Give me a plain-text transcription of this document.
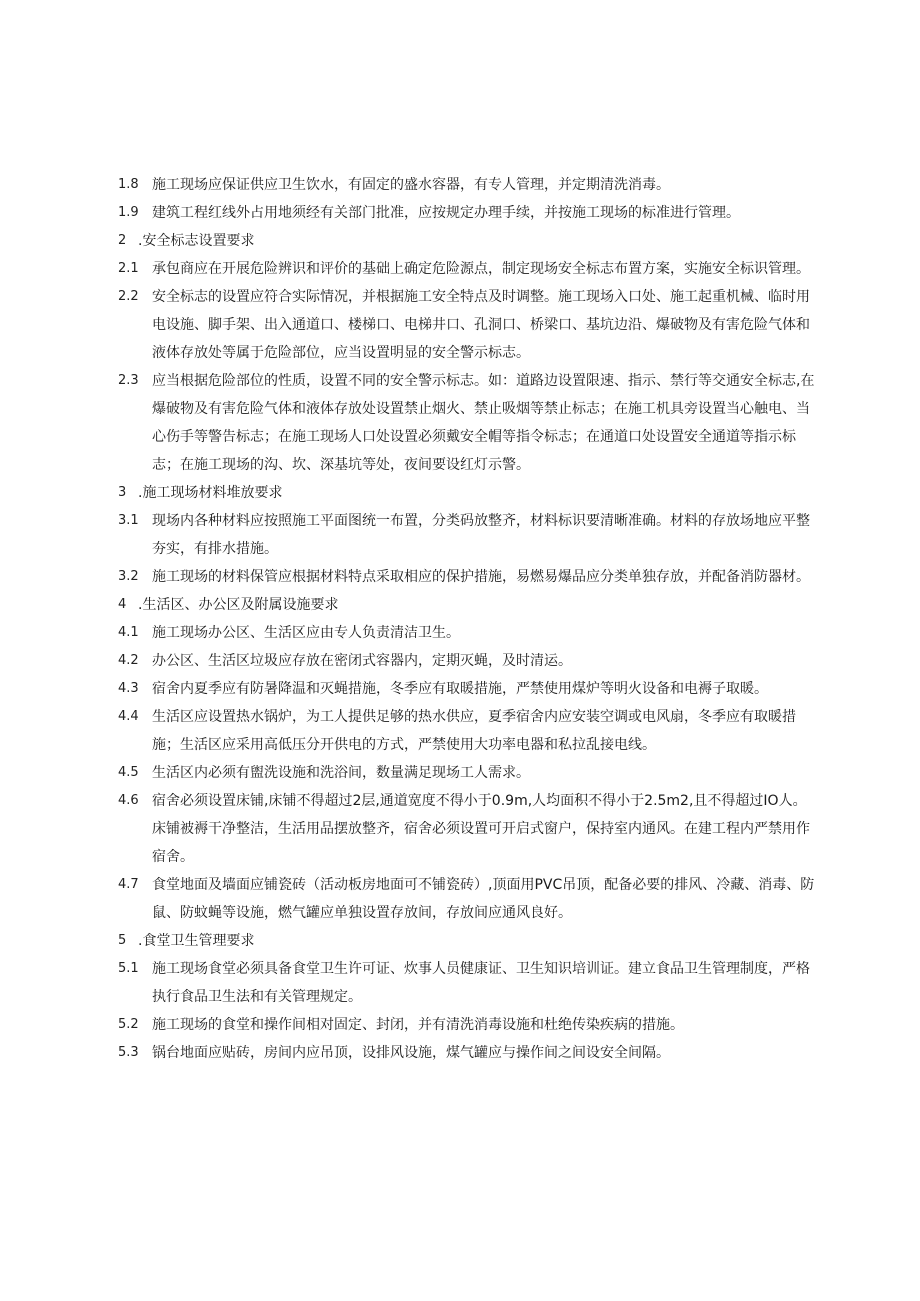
1.8 施工现场应保证供应卫生饮水，有固定的盛水容器，有专人管理，并定期清洗消毒。
1.9 建筑工程红线外占用地须经有关部门批准，应按规定办理手续，并按施工现场的标准进行管理。
2 .安全标志设置要求
2.1 承包商应在开展危险辨识和评价的基础上确定危险源点，制定现场安全标志布置方案，实施安全标识管理。
2.2 安全标志的设置应符合实际情况，并根据施工安全特点及时调整。施工现场入口处、施工起重机械、临时用电设施、脚手架、出入通道口、楼梯口、电梯井口、孔洞口、桥梁口、基坑边沿、爆破物及有害危险气体和液体存放处等属于危险部位，应当设置明显的安全警示标志。
2.3 应当根据危险部位的性质，设置不同的安全警示标志。如：道路边设置限速、指示、禁行等交通安全标志,在爆破物及有害危险气体和液体存放处设置禁止烟火、禁止吸烟等禁止标志；在施工机具旁设置当心触电、当心伤手等警告标志；在施工现场人口处设置必须戴安全帽等指令标志；在通道口处设置安全通道等指示标志；在施工现场的沟、坎、深基坑等处，夜间要设红灯示警。
3 .施工现场材料堆放要求
3.1 现场内各种材料应按照施工平面图统一布置，分类码放整齐，材料标识要清晰准确。材料的存放场地应平整夯实，有排水措施。
3.2 施工现场的材料保管应根据材料特点采取相应的保护措施，易燃易爆品应分类单独存放，并配备消防器材。
4 .生活区、办公区及附属设施要求
4.1 施工现场办公区、生活区应由专人负责清洁卫生。
4.2 办公区、生活区垃圾应存放在密闭式容器内，定期灭蝇，及时清运。
4.3 宿舍内夏季应有防暑降温和灭蝇措施，冬季应有取暖措施，严禁使用煤炉等明火设备和电褥子取暖。
4.4 生活区应设置热水锅炉，为工人提供足够的热水供应，夏季宿舍内应安装空调或电风扇，冬季应有取暖措施；生活区应采用高低压分开供电的方式，严禁使用大功率电器和私拉乱接电线。
4.5 生活区内必须有盥洗设施和洗浴间，数量满足现场工人需求。
4.6 宿舍必须设置床铺,床铺不得超过2层,通道宽度不得小于0.9m,人均面积不得小于2.5m2,且不得超过IO人。床铺被褥干净整洁，生活用品摆放整齐，宿舍必须设置可开启式窗户，保持室内通风。在建工程内严禁用作宿舍。
4.7 食堂地面及墙面应铺瓷砖（活动板房地面可不铺瓷砖）,顶面用PVC吊顶，配备必要的排风、冷藏、消毒、防鼠、防蚊蝇等设施，燃气罐应单独设置存放间，存放间应通风良好。
5 .食堂卫生管理要求
5.1 施工现场食堂必须具备食堂卫生许可证、炊事人员健康证、卫生知识培训证。建立食品卫生管理制度，严格执行食品卫生法和有关管理规定。
5.2 施工现场的食堂和操作间相对固定、封闭，并有清洗消毒设施和杜绝传染疾病的措施。
5.3 锅台地面应贴砖，房间内应吊顶，设排风设施，煤气罐应与操作间之间设安全间隔。
